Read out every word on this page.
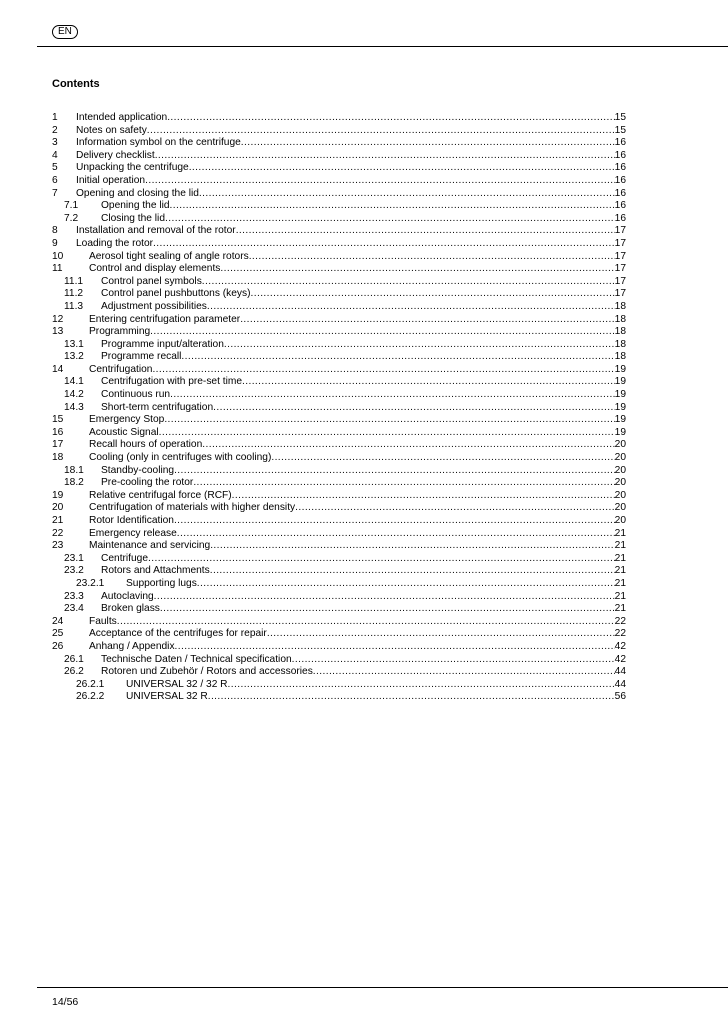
EN
Contents
1	Intended application .....	15
2	Notes on safety .....	15
3	Information symbol on the centrifuge .....	16
4	Delivery checklist .....	16
5	Unpacking the centrifuge .....	16
6	Initial operation .....	16
7	Opening and closing the lid .....	16
7.1	Opening the lid .....	16
7.2	Closing the lid .....	16
8	Installation and removal of the rotor .....	17
9	Loading the rotor .....	17
10	Aerosol tight sealing of angle rotors .....	17
11	Control and display elements .....	17
11.1	Control panel symbols .....	17
11.2	Control panel pushbuttons (keys) .....	17
11.3	Adjustment possibilities .....	18
12	Entering centrifugation parameter .....	18
13	Programming .....	18
13.1	Programme input/alteration .....	18
13.2	Programme recall .....	18
14	Centrifugation .....	19
14.1	Centrifugation with pre-set time .....	19
14.2	Continuous run .....	19
14.3	Short-term centrifugation .....	19
15	Emergency Stop .....	19
16	Acoustic Signal .....	19
17	Recall hours of operation .....	20
18	Cooling (only in centrifuges with cooling) .....	20
18.1	Standby-cooling .....	20
18.2	Pre-cooling the rotor .....	20
19	Relative centrifugal force (RCF) .....	20
20	Centrifugation of materials with higher density .....	20
21	Rotor Identification .....	20
22	Emergency release .....	21
23	Maintenance and servicing .....	21
23.1	Centrifuge .....	21
23.2	Rotors and Attachments .....	21
23.2.1	Supporting lugs .....	21
23.3	Autoclaving .....	21
23.4	Broken glass .....	21
24	Faults .....	22
25	Acceptance of the centrifuges for repair .....	22
26	Anhang / Appendix .....	42
26.1	Technische Daten / Technical specification .....	42
26.2	Rotoren und Zubehör / Rotors and accessories .....	44
26.2.1	UNIVERSAL 32 / 32 R .....	44
26.2.2	UNIVERSAL 32 R .....	56
14/56
